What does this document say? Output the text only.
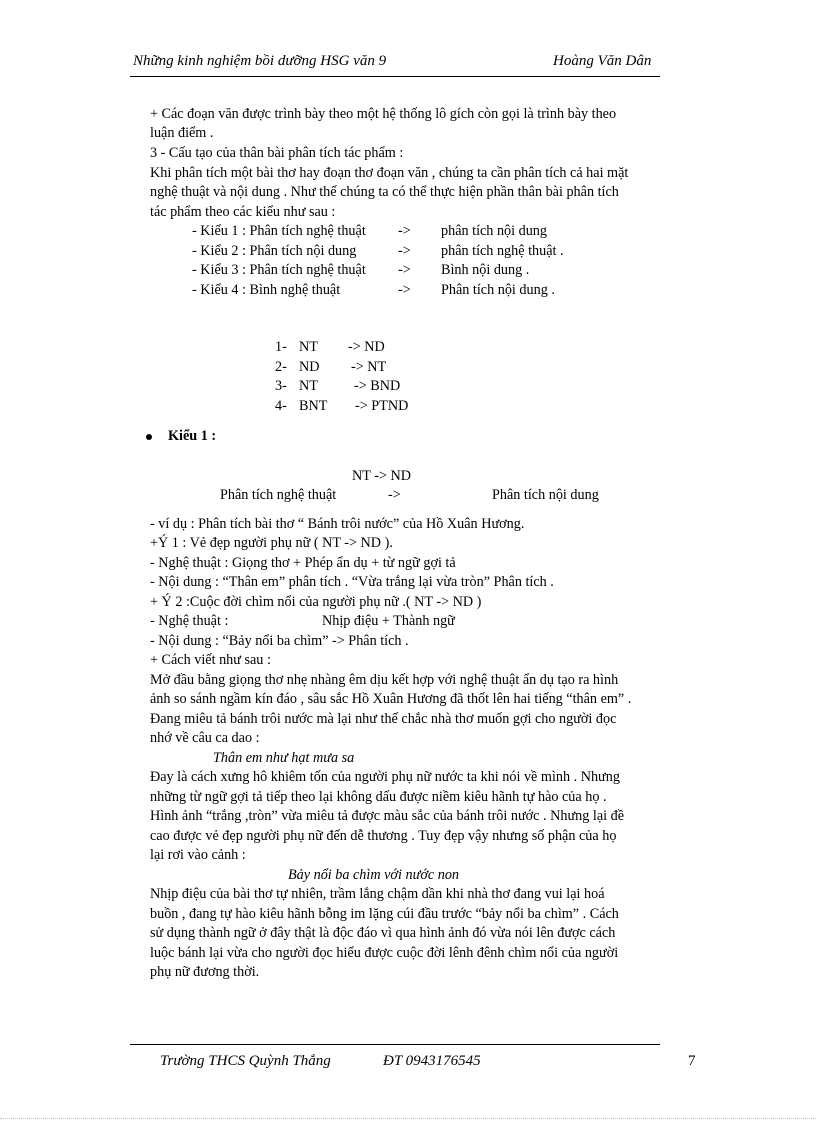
Những kinh nghiệm bồi dưỡng HSG văn 9	Hoàng Văn Dân
+ Các đoạn văn được trình bày theo một hệ thống lô gích còn gọi là trình bày theo
luận điểm .
3 - Cấu tạo của thân bài phân tích tác phẩm :
Khi phân tích một bài thơ hay đoạn thơ đoạn văn , chúng ta cần phân tích cả hai mặt
nghệ thuật và nội dung . Như thế chúng ta có thể thực hiện phần thân bài phân tích
tác phẩm theo các kiểu như sau :
- Kiểu 1 : Phân tích nghệ thuật -> phân tích nội dung
- Kiểu 2 : Phân tích nội dung	-> phân tích nghệ thuật .
- Kiểu 3 : Phân tích nghệ thuật -> Bình nội dung .
- Kiểu 4 : Bình nghệ thuật	-> Phân tích nội dung .
1- NT -> ND
2- ND -> NT
3- NT	-> BND
4- BNT -> PTND
Kiểu 1 :
NT -> ND
Phân tích nghệ thuật	->	Phân tích nội dung
- ví dụ : Phân tích bài thơ “ Bánh trôi nước” của Hồ Xuân Hương.
+Ý 1 : Vẻ đẹp người phụ nữ ( NT -> ND ).
- Nghệ thuật : Giọng thơ + Phép ẩn dụ + từ ngữ gợi tả
- Nội dung : “Thân em” phân tích . “Vừa trắng lại vừa tròn” Phân tích .
+ Ý 2 :Cuộc đời chìm nổi của người phụ nữ .( NT -> ND )
- Nghệ thuật :	Nhịp điệu + Thành ngữ
- Nội dung : “Bảy nổi ba chìm” -> Phân tích .
+ Cách viết như sau :
Mở đầu bằng giọng thơ nhẹ nhàng êm dịu kết hợp với nghệ thuật ẩn dụ tạo ra hình
ảnh so sánh ngầm kín đáo , sâu sắc Hồ Xuân Hương đã thốt lên hai tiếng “thân em” .
Đang miêu tả bánh trôi nước mà lại như thế chắc nhà thơ muốn gợi cho người đọc
nhớ về câu ca dao :
Thân em như hạt mưa sa
Đay là cách xưng hô khiêm tốn của người phụ nữ nước ta khi nói về mình . Nhưng
những từ ngữ gợi tả tiếp theo lại không dấu được niềm kiêu hãnh tự hào của họ .
Hình ảnh “trắng ,tròn” vừa miêu tả được màu sắc của bánh trôi nước . Nhưng lại đề
cao được vẻ đẹp người phụ nữ đến dễ thương . Tuy đẹp vậy nhưng số phận của họ
lại rơi vào cảnh :
Bảy nổi ba chìm với nước non
Nhịp điệu của bài thơ tự nhiên, trầm lắng chậm dần khi nhà thơ đang vui lại hoá
buồn , đang tự hào kiêu hãnh bỗng im lặng cúi đầu trước “bảy nổi ba chìm” . Cách
sử dụng thành ngữ ở đây thật là độc đáo vì qua hình ảnh đó vừa nói lên được cách
luộc bánh lại vừa cho người đọc hiểu được cuộc đời lênh đênh chìm nổi của người
phụ nữ đương thời.
Trường THCS Quỳnh Thắng	ĐT 0943176545	7
